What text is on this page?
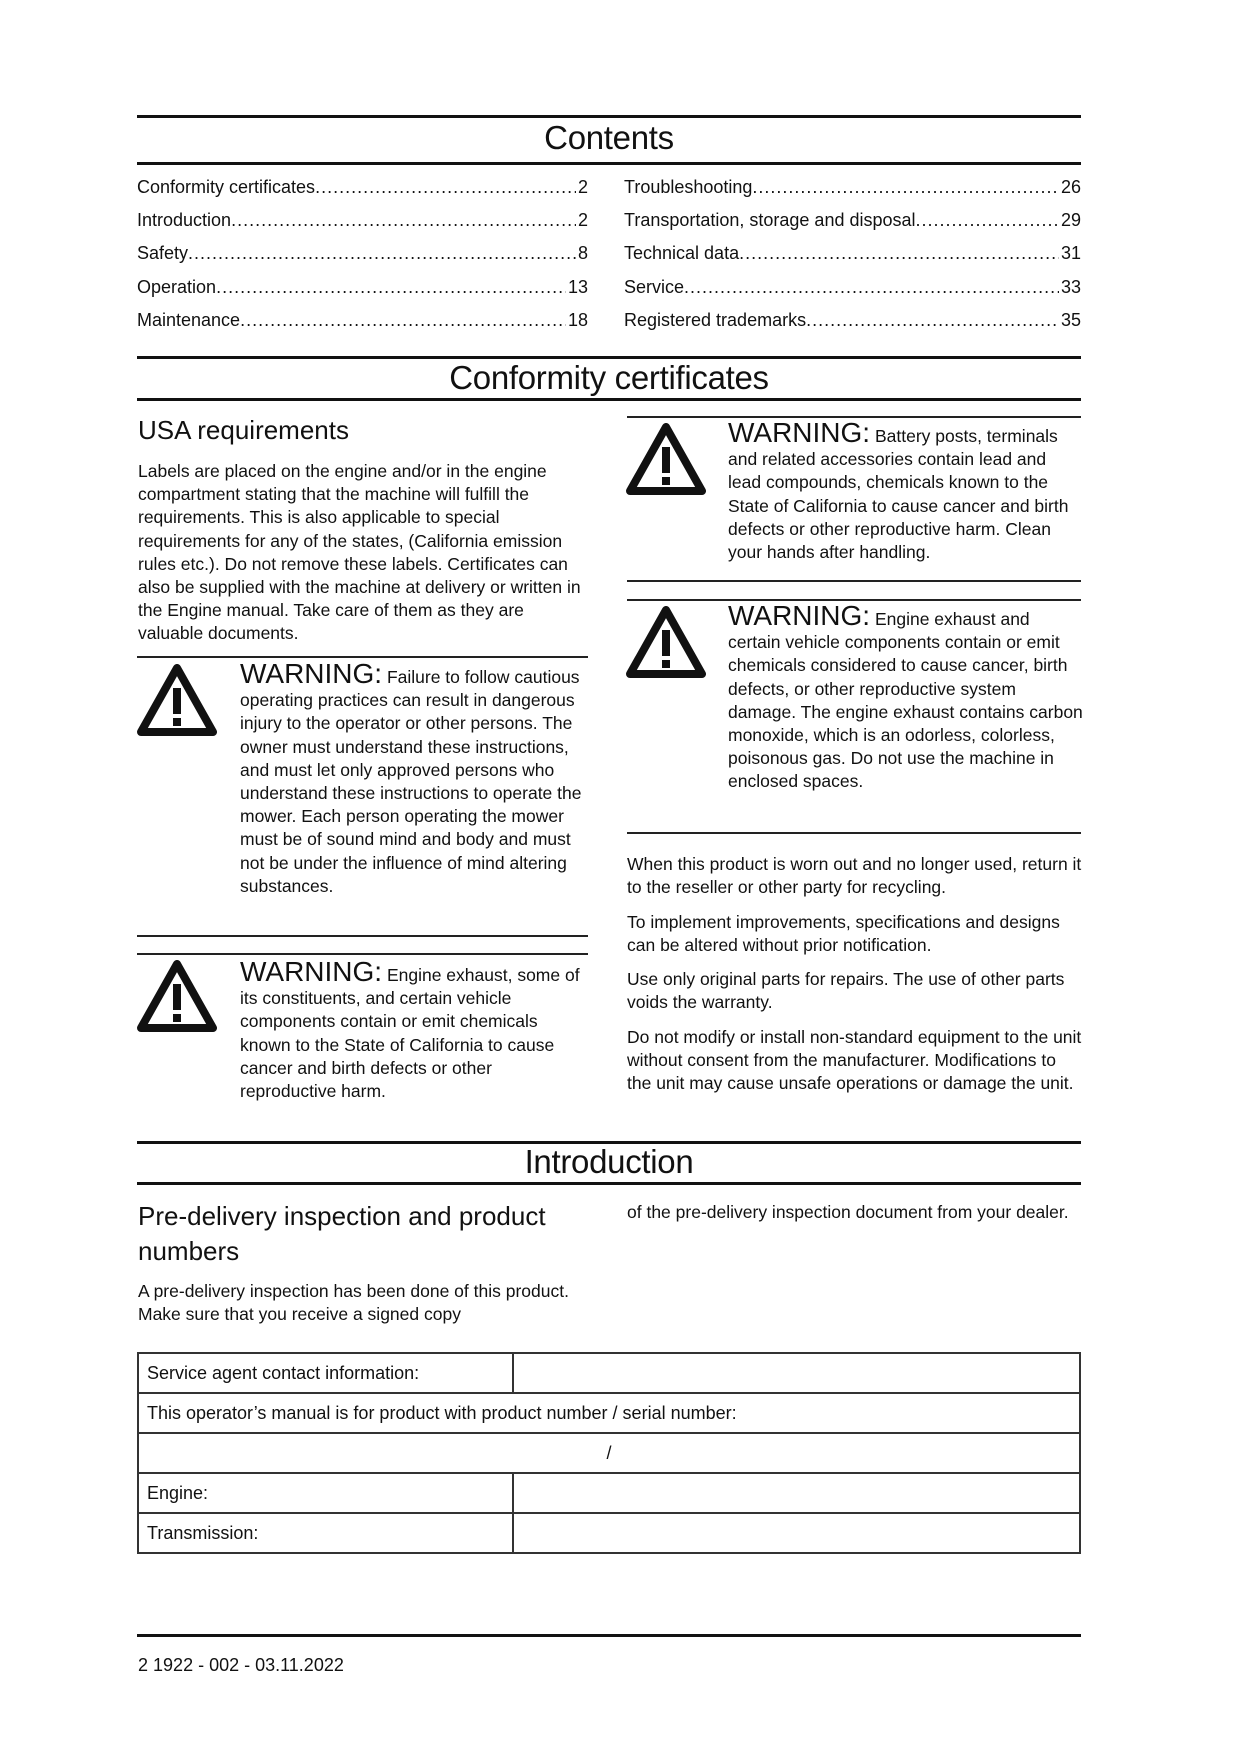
Contents
Conformity certificates .....	2
Introduction .....	2
Safety .....	8
Operation .....	13
Maintenance .....	18
Troubleshooting .....	26
Transportation, storage and disposal .....	29
Technical data .....	31
Service .....	33
Registered trademarks .....	35
Conformity certificates
USA requirements

Labels are placed on the engine and/or in the engine compartment stating that the machine will fulfill the requirements. This is also applicable to special requirements for any of the states, (California emission rules etc.). Do not remove these labels. Certificates can also be supplied with the machine at delivery or written in the Engine manual. Take care of them as they are valuable documents.

WARNING: Failure to follow cautious operating practices can result in dangerous injury to the operator or other persons. The owner must understand these instructions, and must let only approved persons who understand these instructions to operate the mower. Each person operating the mower must be of sound mind and body and must not be under the influence of mind altering substances.

WARNING: Engine exhaust, some of its constituents, and certain vehicle components contain or emit chemicals known to the State of California to cause cancer and birth defects or other reproductive harm.

WARNING: Battery posts, terminals and related accessories contain lead and lead compounds, chemicals known to the State of California to cause cancer and birth defects or other reproductive harm. Clean your hands after handling.

WARNING: Engine exhaust and certain vehicle components contain or emit chemicals considered to cause cancer, birth defects, or other reproductive system damage. The engine exhaust contains carbon monoxide, which is an odorless, colorless, poisonous gas. Do not use the machine in enclosed spaces.

When this product is worn out and no longer used, return it to the reseller or other party for recycling.

To implement improvements, specifications and designs can be altered without prior notification.

Use only original parts for repairs. The use of other parts voids the warranty.

Do not modify or install non-standard equipment to the unit without consent from the manufacturer. Modifications to the unit may cause unsafe operations or damage the unit.

Introduction
Pre-delivery inspection and product numbers

A pre-delivery inspection has been done of this product. Make sure that you receive a signed copy

of the pre-delivery inspection document from your dealer.

Service agent contact information:	
This operator’s manual is for product with product number / serial number:	
/	
Engine:	
Transmission:	
2 1922 - 002 - 03.11.2022
